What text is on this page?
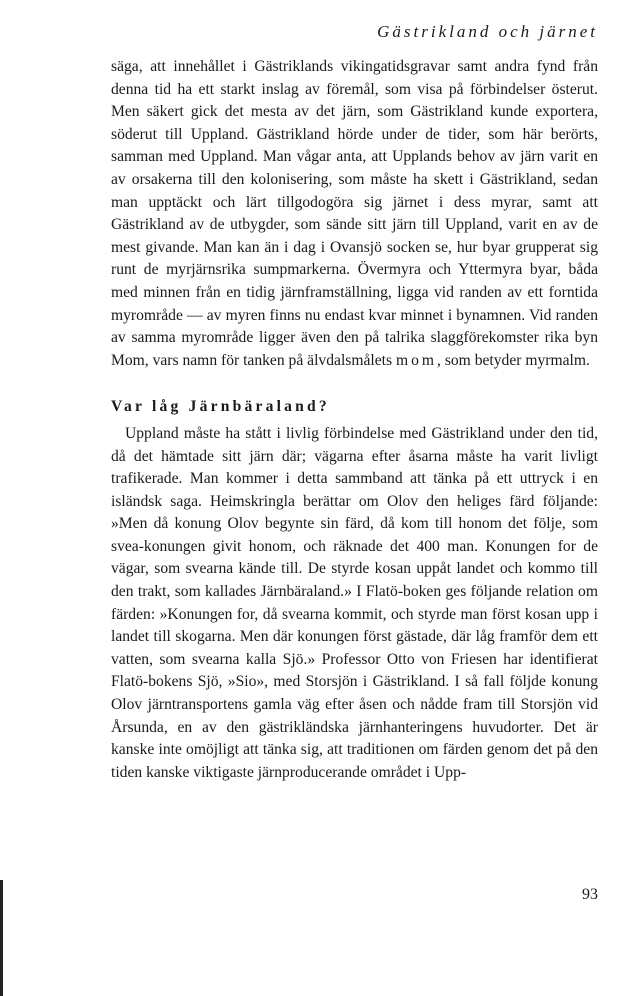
Gästrikland och järnet

säga, att innehållet i Gästriklands vikingatidsgravar samt andra fynd från denna tid ha ett starkt inslag av föremål, som visa på förbindelser österut. Men säkert gick det mesta av det järn, som Gästrikland kunde exportera, söderut till Uppland. Gästrikland hörde under de tider, som här berörts, samman med Uppland. Man vågar anta, att Upplands behov av järn varit en av orsakerna till den kolonisering, som måste ha skett i Gästrikland, sedan man upptäckt och lärt tillgodogöra sig järnet i dess myrar, samt att Gästrikland av de utbygder, som sände sitt järn till Uppland, varit en av de mest givande. Man kan än i dag i Ovansjö socken se, hur byar grupperat sig runt de myrjärnsrika sumpmarkerna. Övermyra och Yttermyra byar, båda med minnen från en tidig järnframställning, ligga vid randen av ett forntida myrområde — av myren finns nu endast kvar minnet i bynamnen. Vid randen av samma myrområde ligger även den på talrika slaggförekomster rika byn Mom, vars namn för tanken på älvdalsmålets mom, som betyder myrmalm.

Var låg Järnbäraland?

Uppland måste ha stått i livlig förbindelse med Gästrikland under den tid, då det hämtade sitt järn där; vägarna efter åsarna måste ha varit livligt trafikerade. Man kommer i detta sammband att tänka på ett uttryck i en isländsk saga. Heimskringla berättar om Olov den heliges färd följande: »Men då konung Olov begynte sin färd, då kom till honom det följe, som svea-konungen givit honom, och räknade det 400 man. Konungen for de vägar, som svearna kände till. De styrde kosan uppåt landet och kommo till den trakt, som kallades Järnbäraland.» I Flatö-boken ges följande relation om färden: »Konungen for, då svearna kommit, och styrde man först kosan upp i landet till skogarna. Men där konungen först gästade, där låg framför dem ett vatten, som svearna kalla Sjö.» Professor Otto von Friesen har identifierat Flatö-bokens Sjö, »Sio», med Storsjön i Gästrikland. I så fall följde konung Olov järntransportens gamla väg efter åsen och nådde fram till Storsjön vid Årsunda, en av den gästrikländska järnhanteringens huvudorter. Det är kanske inte omöjligt att tänka sig, att traditionen om färden genom det på den tiden kanske viktigaste järnproducerande området i Upp-

93
